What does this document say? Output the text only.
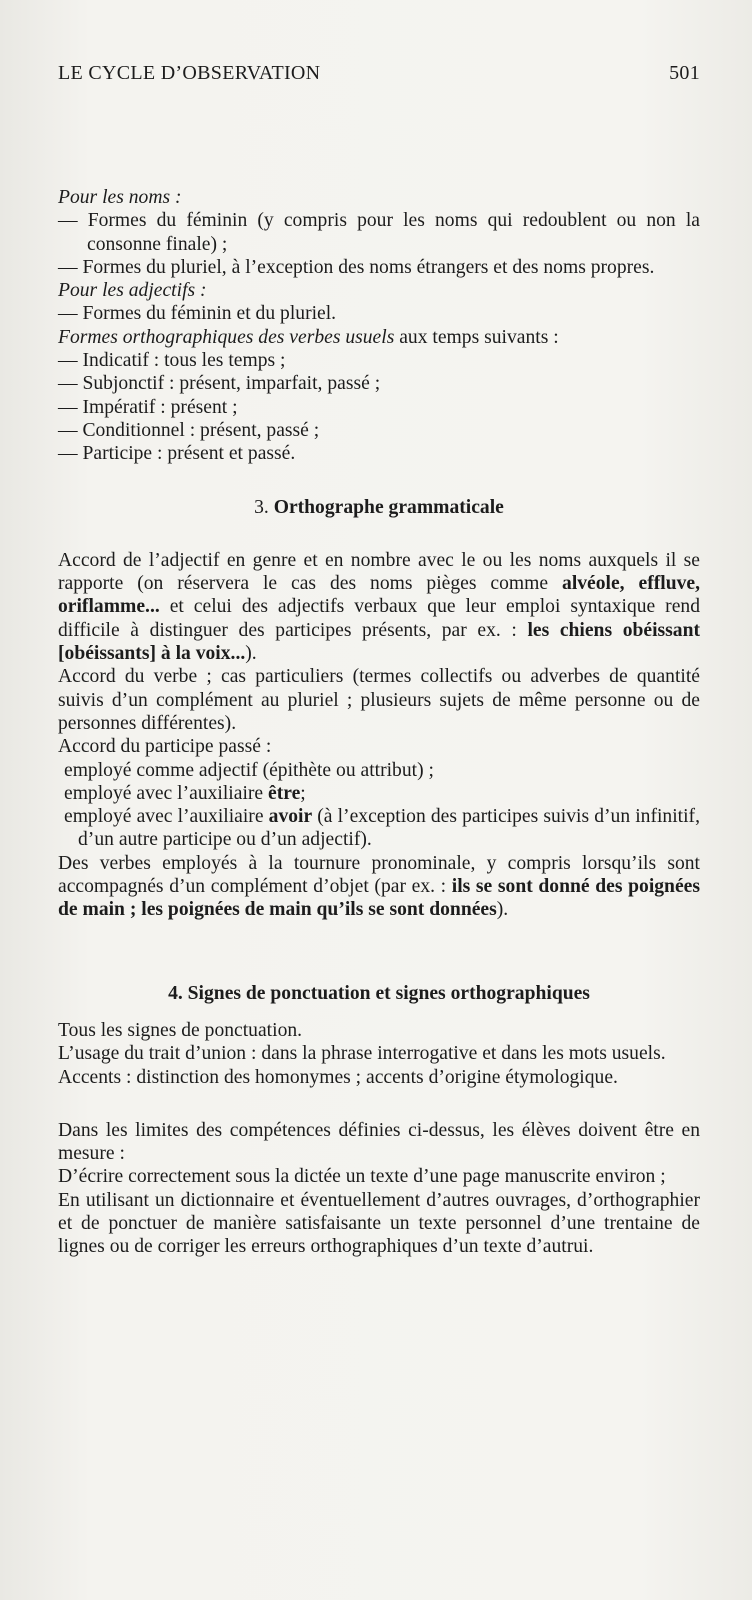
LE CYCLE D’OBSERVATION	501

Pour les noms :

— Formes du féminin (y compris pour les noms qui redoublent ou non la consonne finale) ;

— Formes du pluriel, à l’exception des noms étrangers et des noms propres.

Pour les adjectifs :

— Formes du féminin et du pluriel.

Formes orthographiques des verbes usuels aux temps suivants :

— Indicatif : tous les temps ;

— Subjonctif : présent, imparfait, passé ;

— Impératif : présent ;

— Conditionnel : présent, passé ;

— Participe : présent et passé.

3. Orthographe grammaticale

Accord de l’adjectif en genre et en nombre avec le ou les noms auxquels il se rapporte (on réservera le cas des noms pièges comme alvéole, effluve, oriflamme... et celui des adjectifs verbaux que leur emploi syntaxique rend difficile à distinguer des participes présents, par ex. : les chiens obéissant [obéissants] à la voix...).

Accord du verbe ; cas particuliers (termes collectifs ou adverbes de quantité suivis d’un complément au pluriel ; plusieurs sujets de même personne ou de personnes différentes).

Accord du participe passé :

employé comme adjectif (épithète ou attribut) ;

employé avec l’auxiliaire être;

employé avec l’auxiliaire avoir (à l’exception des participes suivis d’un infinitif, d’un autre participe ou d’un adjectif).

Des verbes employés à la tournure pronominale, y compris lorsqu’ils sont accompagnés d’un complément d’objet (par ex. : ils se sont donné des poignées de main ; les poignées de main qu’ils se sont données).

4. Signes de ponctuation et signes orthographiques

Tous les signes de ponctuation.

L’usage du trait d’union : dans la phrase interrogative et dans les mots usuels.

Accents : distinction des homonymes ; accents d’origine étymologique.

Dans les limites des compétences définies ci-dessus, les élèves doivent être en mesure :

D’écrire correctement sous la dictée un texte d’une page manuscrite environ ;

En utilisant un dictionnaire et éventuellement d’autres ouvrages, d’orthographier et de ponctuer de manière satisfaisante un texte personnel d’une trentaine de lignes ou de corriger les erreurs orthographiques d’un texte d’autrui.
